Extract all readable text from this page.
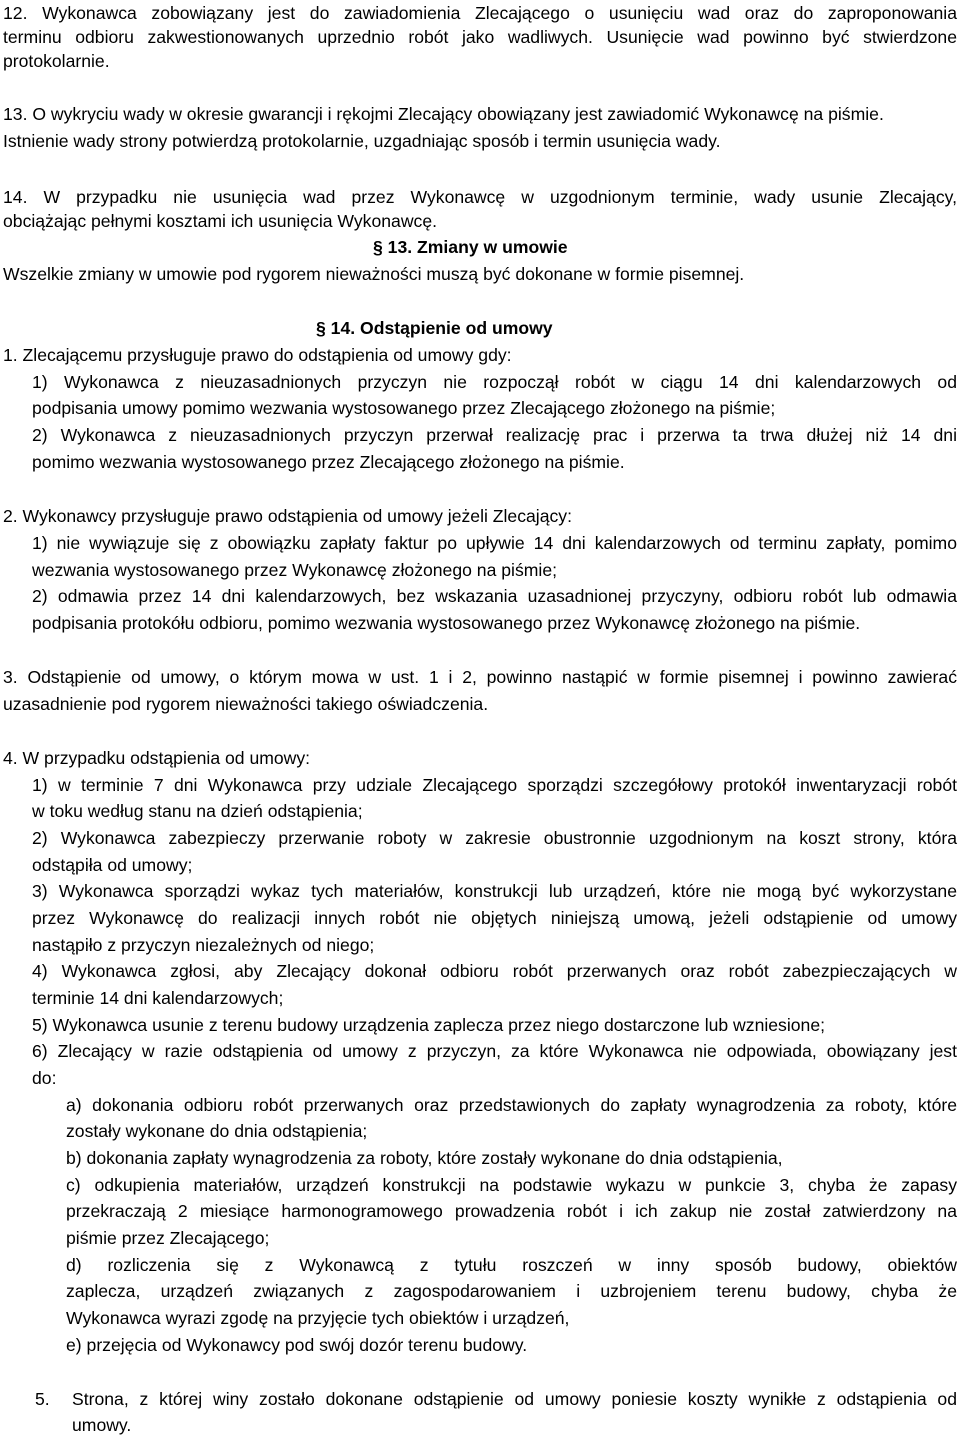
12. Wykonawca zobowiązany jest do zawiadomienia Zlecającego o usunięciu wad oraz do zaproponowania
terminu odbioru zakwestionowanych uprzednio robót jako wadliwych. Usunięcie wad powinno być stwierdzone
protokolarnie.
13. O wykryciu wady w okresie gwarancji i rękojmi Zlecający obowiązany jest zawiadomić Wykonawcę na piśmie.
Istnienie wady strony potwierdzą protokolarnie, uzgadniając sposób i termin usunięcia wady.
14. W przypadku nie usunięcia wad przez Wykonawcę w uzgodnionym terminie, wady usunie Zlecający,
obciążając pełnymi kosztami ich usunięcia Wykonawcę.
§ 13. Zmiany w umowie
Wszelkie zmiany w umowie pod rygorem nieważności muszą być dokonane w formie pisemnej.
§ 14. Odstąpienie od umowy
1. Zlecającemu przysługuje prawo do odstąpienia od umowy gdy:
1) Wykonawca z nieuzasadnionych przyczyn nie rozpoczął robót w ciągu 14 dni kalendarzowych od
podpisania umowy pomimo wezwania wystosowanego przez Zlecającego złożonego na piśmie;
2) Wykonawca z nieuzasadnionych przyczyn przerwał realizację prac i przerwa ta trwa dłużej niż 14 dni
pomimo wezwania wystosowanego przez Zlecającego złożonego na piśmie.
2. Wykonawcy przysługuje prawo odstąpienia od umowy jeżeli Zlecający:
1) nie wywiązuje się z obowiązku zapłaty faktur po upływie 14 dni kalendarzowych od terminu zapłaty, pomimo
wezwania wystosowanego przez Wykonawcę złożonego na piśmie;
2) odmawia przez 14 dni kalendarzowych, bez wskazania uzasadnionej przyczyny, odbioru robót lub odmawia
podpisania protokółu odbioru, pomimo wezwania wystosowanego przez Wykonawcę złożonego na piśmie.
3. Odstąpienie od umowy, o którym mowa w ust. 1 i 2, powinno nastąpić w formie pisemnej i powinno zawierać
uzasadnienie pod rygorem nieważności takiego oświadczenia.
4. W przypadku odstąpienia od umowy:
1) w terminie 7 dni Wykonawca przy udziale Zlecającego sporządzi szczegółowy protokół inwentaryzacji robót
w toku według stanu na dzień odstąpienia;
2) Wykonawca zabezpieczy przerwanie roboty w zakresie obustronnie uzgodnionym na koszt strony, która
odstąpiła od umowy;
3) Wykonawca sporządzi wykaz tych materiałów, konstrukcji lub urządzeń, które nie mogą być wykorzystane
przez Wykonawcę do realizacji innych robót nie objętych niniejszą umową, jeżeli odstąpienie od umowy
nastąpiło z przyczyn niezależnych od niego;
4) Wykonawca zgłosi, aby Zlecający dokonał odbioru robót przerwanych oraz robót zabezpieczających w
terminie 14 dni kalendarzowych;
5) Wykonawca usunie z terenu budowy urządzenia zaplecza przez niego dostarczone lub wzniesione;
6) Zlecający w razie odstąpienia od umowy z przyczyn, za które Wykonawca nie odpowiada, obowiązany jest
do:
a) dokonania odbioru robót przerwanych oraz przedstawionych do zapłaty wynagrodzenia za roboty, które
zostały wykonane do dnia odstąpienia;
b) dokonania zapłaty wynagrodzenia za roboty, które zostały wykonane do dnia odstąpienia,
c) odkupienia materiałów, urządzeń konstrukcji na podstawie wykazu w punkcie 3, chyba że zapasy
przekraczają 2 miesiące harmonogramowego prowadzenia robót i ich zakup nie został zatwierdzony na
piśmie przez Zlecającego;
d) rozliczenia się z Wykonawcą z tytułu roszczeń w inny sposób budowy, obiektów
zaplecza, urządzeń związanych z zagospodarowaniem i uzbrojeniem terenu budowy, chyba że
Wykonawca wyrazi zgodę na przyjęcie tych obiektów i urządzeń,
e) przejęcia od Wykonawcy pod swój dozór terenu budowy.
5. Strona, z której winy zostało dokonane odstąpienie od umowy poniesie koszty wynikłe z odstąpienia od
umowy.
